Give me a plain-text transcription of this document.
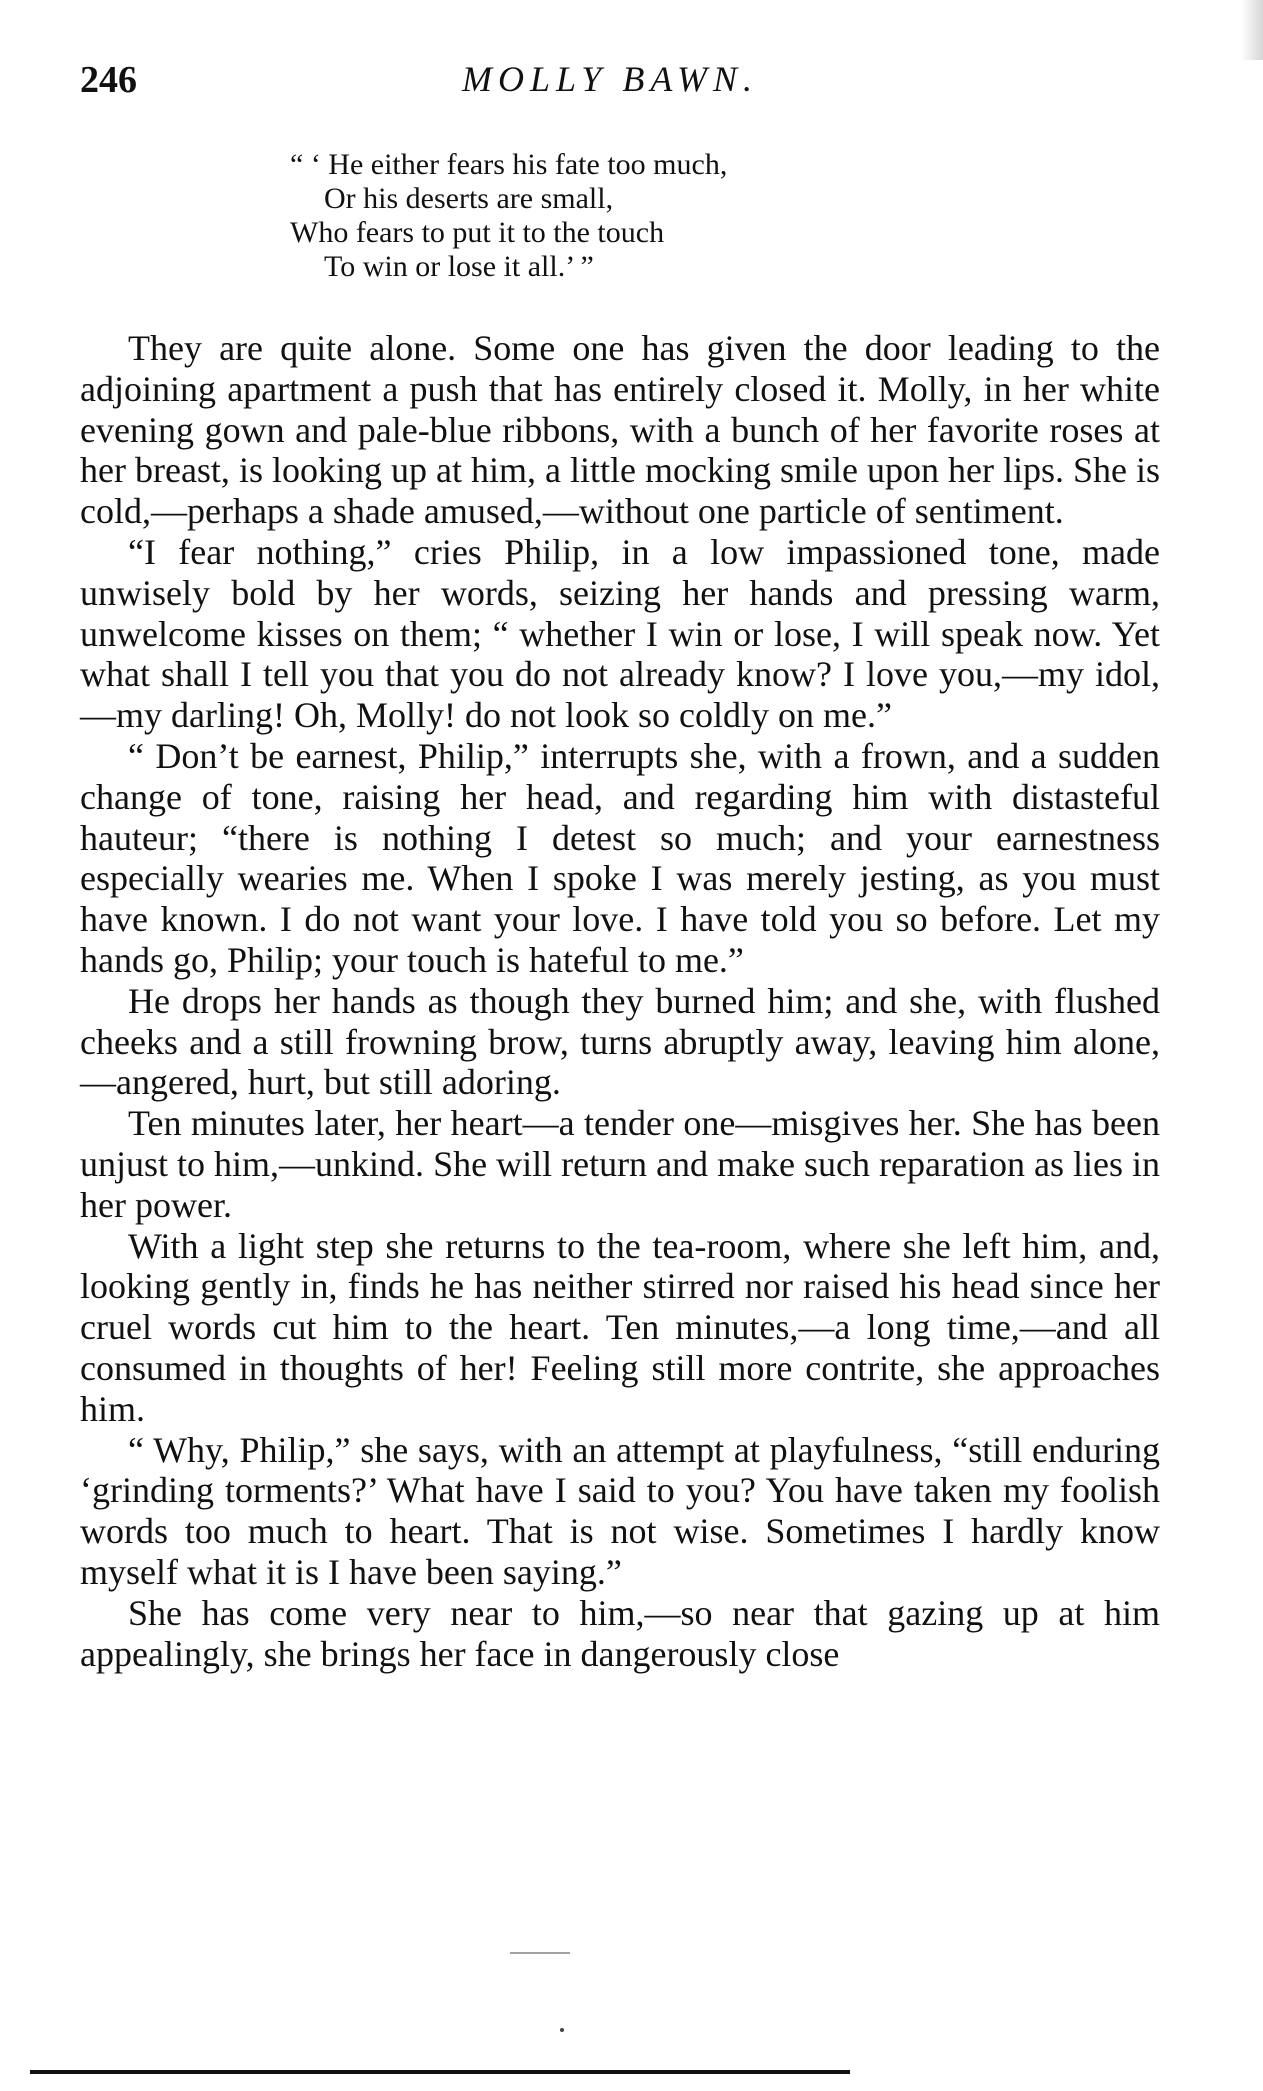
246	MOLLY BAWN.
“ ‘ He either fears his fate too much,
Or his deserts are small,
Who fears to put it to the touch
To win or lose it all.’ ”

They are quite alone. Some one has given the door leading to the adjoining apartment a push that has entirely closed it. Molly, in her white evening gown and pale-blue ribbons, with a bunch of her favorite roses at her breast, is looking up at him, a little mocking smile upon her lips. She is cold,—perhaps a shade amused,—without one particle of sentiment.

“I fear nothing,” cries Philip, in a low impassioned tone, made unwisely bold by her words, seizing her hands and pressing warm, unwelcome kisses on them; “ whether I win or lose, I will speak now. Yet what shall I tell you that you do not already know? I love you,—my idol,—my darling! Oh, Molly! do not look so coldly on me.”

“ Don’t be earnest, Philip,” interrupts she, with a frown, and a sudden change of tone, raising her head, and regarding him with distasteful hauteur; “there is nothing I detest so much; and your earnestness especially wearies me. When I spoke I was merely jesting, as you must have known. I do not want your love. I have told you so before. Let my hands go, Philip; your touch is hateful to me.”

He drops her hands as though they burned him; and she, with flushed cheeks and a still frowning brow, turns abruptly away, leaving him alone,—angered, hurt, but still adoring.

Ten minutes later, her heart—a tender one—misgives her. She has been unjust to him,—unkind. She will return and make such reparation as lies in her power.

With a light step she returns to the tea-room, where she left him, and, looking gently in, finds he has neither stirred nor raised his head since her cruel words cut him to the heart. Ten minutes,—a long time,—and all consumed in thoughts of her! Feeling still more contrite, she approaches him.

“ Why, Philip,” she says, with an attempt at playfulness, “still enduring ‘grinding torments?’ What have I said to you? You have taken my foolish words too much to heart. That is not wise. Sometimes I hardly know myself what it is I have been saying.”

She has come very near to him,—so near that gazing up at him appealingly, she brings her face in dangerously close
